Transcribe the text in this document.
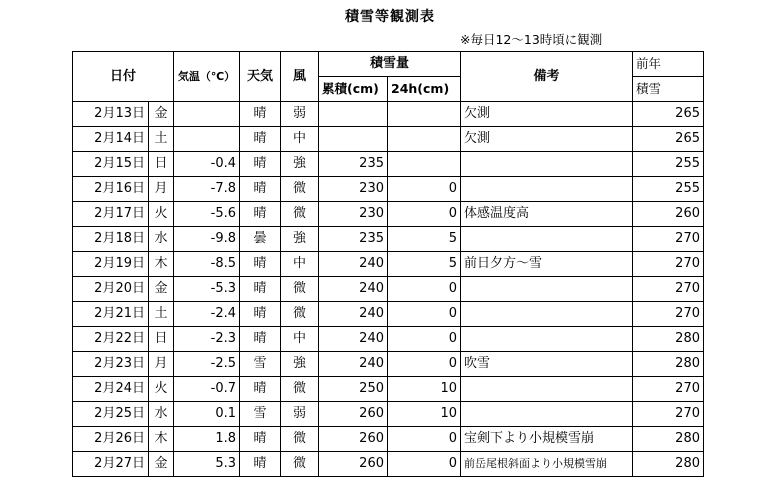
積雪等観測表
※毎日12～13時頃に観測
日付		気温（℃）	天気	風	積雪量		備考	前年
					累積(cm)	24h(cm)		積雪
2月13日	金		晴	弱			欠測	265
2月14日	土		晴	中			欠測	265
2月15日	日	-0.4	晴	強	235			255
2月16日	月	-7.8	晴	微	230	0		255
2月17日	火	-5.6	晴	微	230	0	体感温度高	260
2月18日	水	-9.8	曇	強	235	5		270
2月19日	木	-8.5	晴	中	240	5	前日夕方～雪	270
2月20日	金	-5.3	晴	微	240	0		270
2月21日	土	-2.4	晴	微	240	0		270
2月22日	日	-2.3	晴	中	240	0		280
2月23日	月	-2.5	雪	強	240	0	吹雪	280
2月24日	火	-0.7	晴	微	250	10		270
2月25日	水	0.1	雪	弱	260	10		270
2月26日	木	1.8	晴	微	260	0	宝剣下より小規模雪崩	280
2月27日	金	5.3	晴	微	260	0	前岳尾根斜面より小規模雪崩	280
